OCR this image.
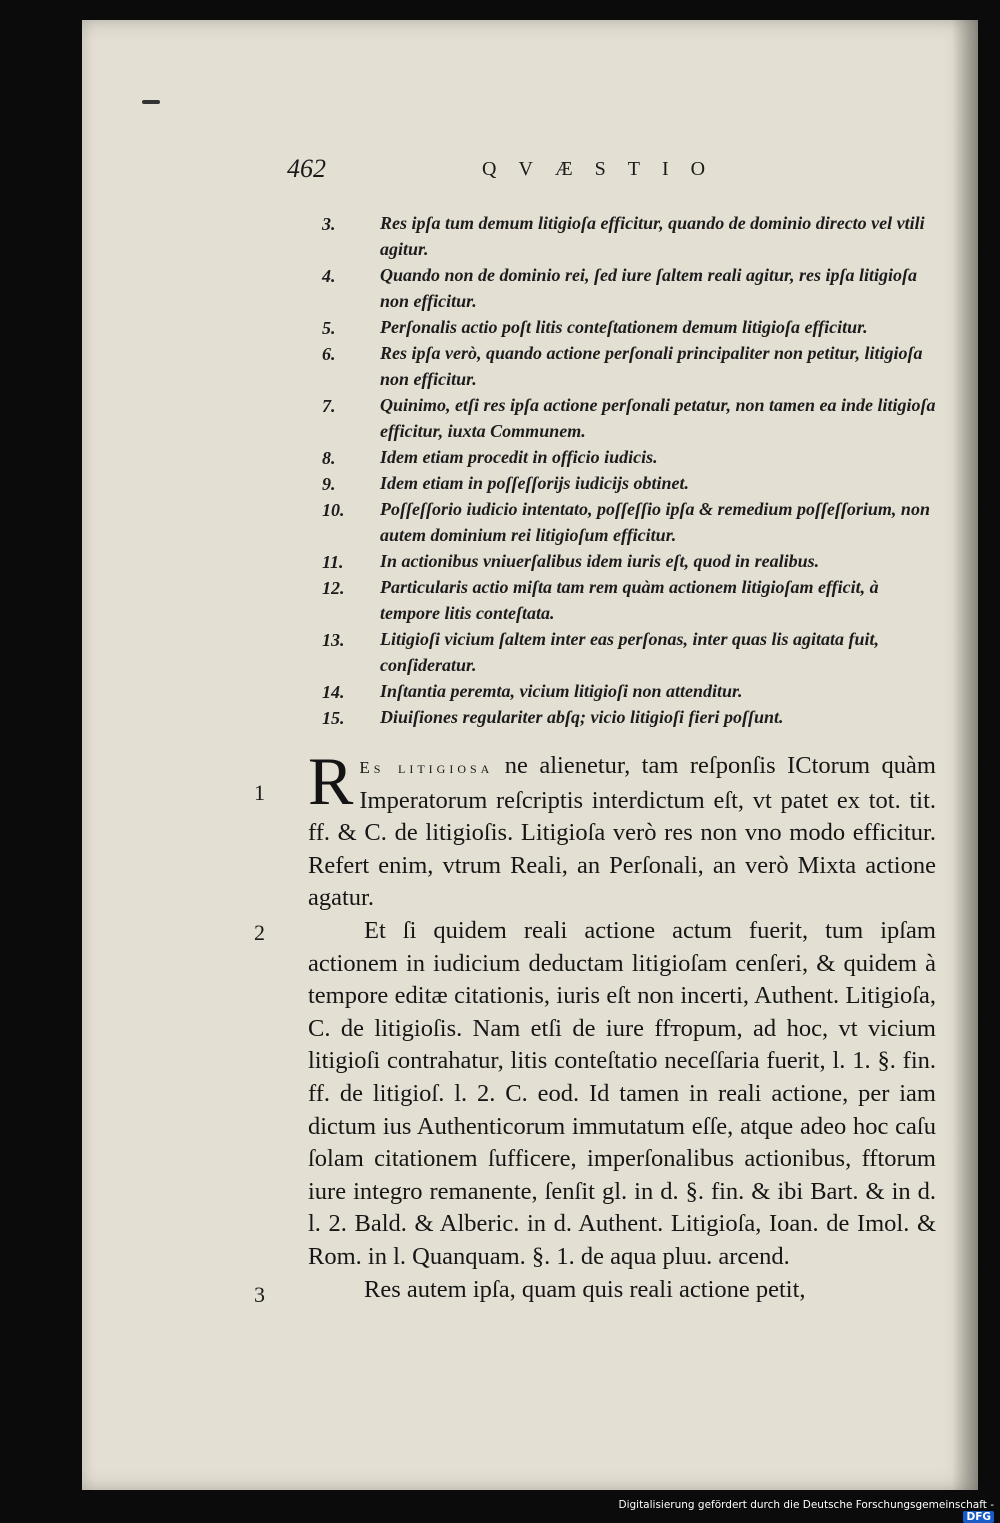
462	QVÆSTIO
3.	Res ipſa tum demum litigioſa efficitur, quando de dominio directo vel vtili agitur.
4.	Quando non de dominio rei, ſed iure ſaltem reali agitur, res ipſa litigioſa non efficitur.
5.	Perſonalis actio poſt litis conteſtationem demum litigioſa efficitur.
6.	Res ipſa verò, quando actione perſonali principaliter non petitur, litigioſa non efficitur.
7.	Quinimo, etſi res ipſa actione perſonali petatur, non tamen ea inde litigioſa efficitur, iuxta Communem.
8.	Idem etiam procedit in officio iudicis.
9.	Idem etiam in poſſeſſorijs iudicijs obtinet.
10.	Poſſeſſorio iudicio intentato, poſſeſſio ipſa & remedium poſſeſſorium, non autem dominium rei litigioſum efficitur.
11.	In actionibus vniuerſalibus idem iuris eſt, quod in realibus.
12.	Particularis actio miſta tam rem quàm actionem litigioſam efficit, à tempore litis conteſtata.
13.	Litigioſi vicium ſaltem inter eas perſonas, inter quas lis agitata fuit, conſideratur.
14.	Inſtantia peremta, vicium litigioſi non attenditur.
15.	Diuiſiones regulariter abſq; vicio litigioſi fieri poſſunt.
1
2
3

R Es litigiosa ne alienetur, tam reſponſis ICtorum quàm Imperatorum reſcriptis interdictum eſt, vt patet ex tot. tit. ff. & C. de litigioſis. Litigioſa verò res non vno modo efficitur. Refert enim, vtrum Reali, an Perſonali, an verò Mixta actione agatur.

Et ſi quidem reali actione actum fuerit, tum ipſam actionem in iudicium deductam litigioſam cenſeri, & quidem à tempore editæ citationis, iuris eſt non incerti, Authent. Litigioſa, C. de litigioſis. Nam etſi de iure ffторum, ad hoc, vt vicium litigioſi contrahatur, litis conteſtatio neceſſaria fuerit, l. 1. §. fin. ff. de litigioſ. l. 2. C. eod. Id tamen in reali actione, per iam dictum ius Authenticorum immutatum eſſe, atque adeo hoc caſu ſolam citationem ſufficere, imperſonalibus actionibus, fftorum iure integro remanente, ſenſit gl. in d. §. fin. & ibi Bart. & in d. l. 2. Bald. & Alberic. in d. Authent. Litigioſa, Ioan. de Imol. & Rom. in l. Quanquam. §. 1. de aqua pluu. arcend.

Res autem ipſa, quam quis reali actione petit,

Digitalisierung gefördert durch die Deutsche Forschungsgemeinschaft -DFG
